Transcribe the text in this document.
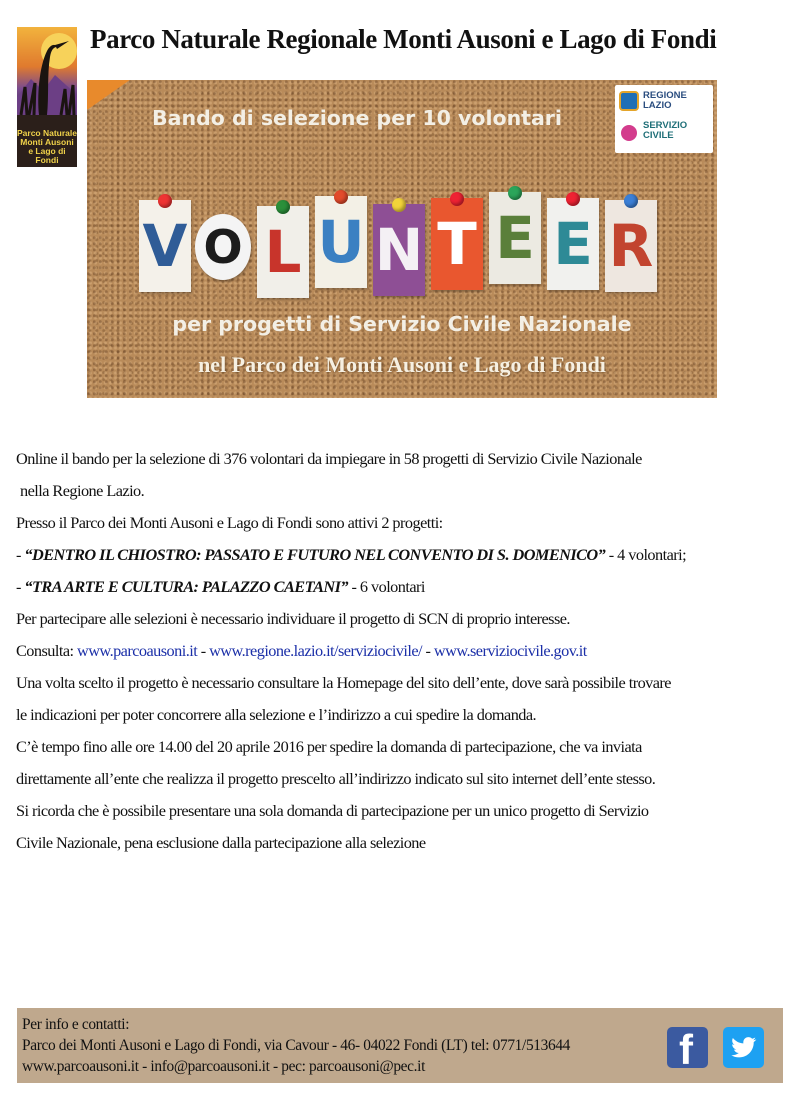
Parco Naturale
Monti Ausoni
e Lago di Fondi
Parco Naturale Regionale Monti Ausoni e Lago di Fondi
Bando di selezione per 10 volontari
REGIONE LAZIO
SERVIZIO CIVILE
V O L U N T E E R
per progetti di Servizio Civile Nazionale
nel Parco dei Monti Ausoni e Lago di Fondi

Online il bando per la selezione di 376 volontari da impiegare in 58 progetti di Servizio Civile Nazionale

nella Regione Lazio.

Presso il Parco dei Monti Ausoni e Lago di Fondi sono attivi 2 progetti:

- “DENTRO IL CHIOSTRO: PASSATO E FUTURO NEL CONVENTO DI S. DOMENICO” - 4 volontari;

- “TRA ARTE E CULTURA: PALAZZO CAETANI” - 6 volontari

Per partecipare alle selezioni è necessario individuare il progetto di SCN di proprio interesse.

Consulta: www.parcoausoni.it - www.regione.lazio.it/serviziocivile/ - www.serviziocivile.gov.it

Una volta scelto il progetto è necessario consultare la Homepage del sito dell’ente, dove sarà possibile trovare

le indicazioni per poter concorrere alla selezione e l’indirizzo a cui spedire la domanda.

C’è tempo fino alle ore 14.00 del 20 aprile 2016 per spedire la domanda di partecipazione, che va inviata

direttamente all’ente che realizza il progetto prescelto all’indirizzo indicato sul sito internet dell’ente stesso.

Si ricorda che è possibile presentare una sola domanda di partecipazione per un unico progetto di Servizio

Civile Nazionale, pena esclusione dalla partecipazione alla selezione

Per info e contatti:
Parco dei Monti Ausoni e Lago di Fondi, via Cavour - 46- 04022 Fondi (LT) tel: 0771/513644
www.parcoausoni.it - info@parcoausoni.it - pec: parcoausoni@pec.it	f
